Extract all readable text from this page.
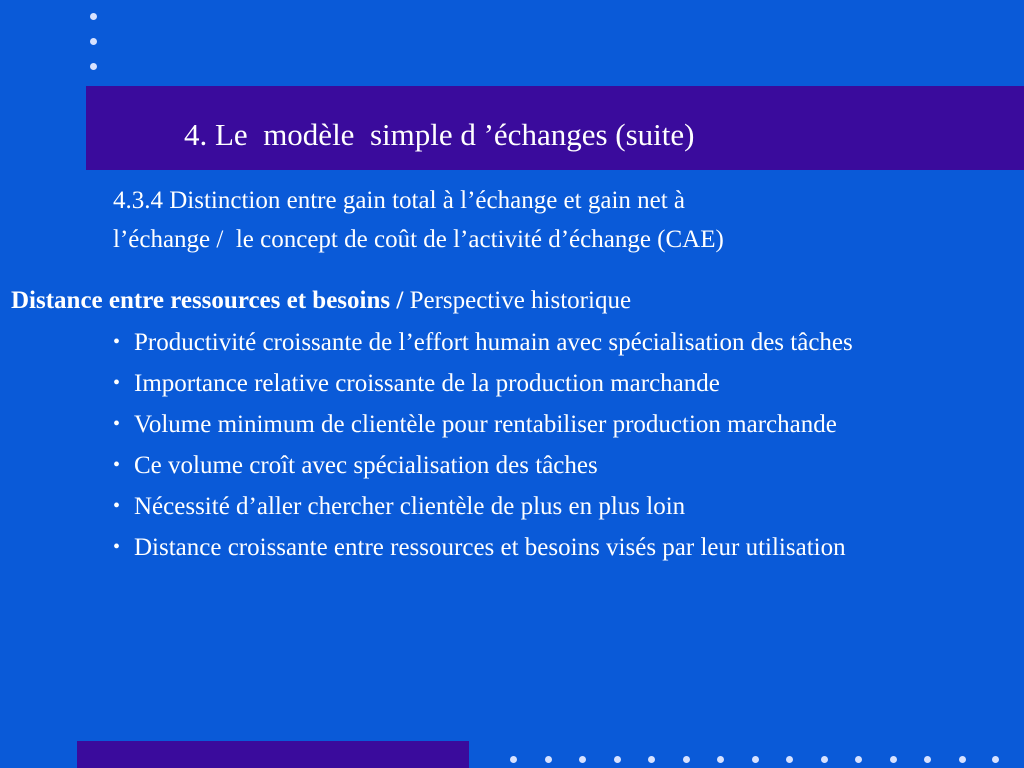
4. Le  modèle  simple d ’échanges (suite)
4.3.4 Distinction entre gain total à l’échange et gain net à
l’échange /  le concept de coût de l’activité d’échange (CAE)
Distance entre ressources et besoins / Perspective historique
• Productivité croissante de l’effort humain avec spécialisation des tâches
• Importance relative croissante de la production marchande
• Volume minimum de clientèle pour rentabiliser production marchande
• Ce volume croît avec spécialisation des tâches
• Nécessité d’aller chercher clientèle de plus en plus loin
• Distance croissante entre ressources et besoins visés par leur utilisation
